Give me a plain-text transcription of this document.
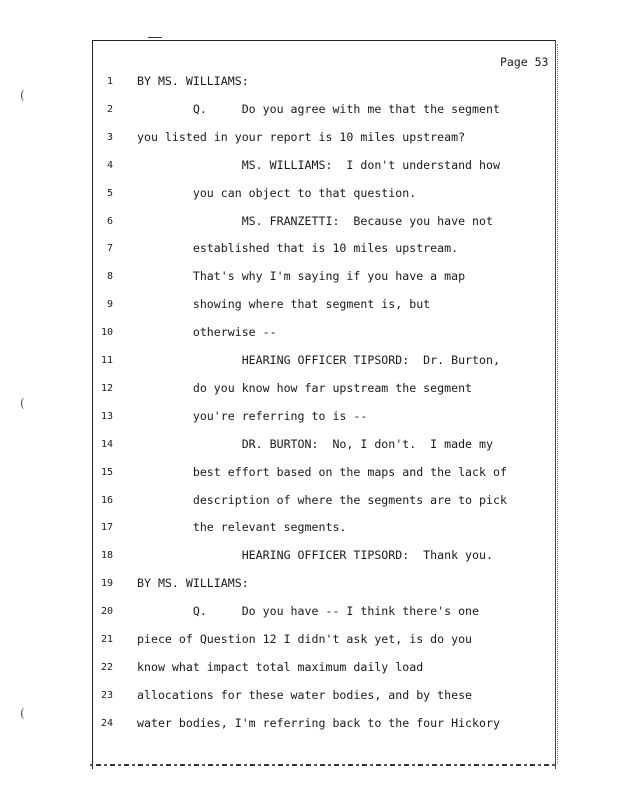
(
(
(
Page 53
1 BY MS. WILLIAMS:
2 Q.     Do you agree with me that the segment
3 you listed in your report is 10 miles upstream?
4 MS. WILLIAMS:  I don't understand how
5 you can object to that question.
6 MS. FRANZETTI:  Because you have not
7 established that is 10 miles upstream.
8 That's why I'm saying if you have a map
9 showing where that segment is, but
10 otherwise --
11 HEARING OFFICER TIPSORD:  Dr. Burton,
12 do you know how far upstream the segment
13 you're referring to is --
14 DR. BURTON:  No, I don't.  I made my
15 best effort based on the maps and the lack of
16 description of where the segments are to pick
17 the relevant segments.
18 HEARING OFFICER TIPSORD:  Thank you.
19 BY MS. WILLIAMS:
20 Q.     Do you have -- I think there's one
21 piece of Question 12 I didn't ask yet, is do you
22 know what impact total maximum daily load
23 allocations for these water bodies, and by these
24 water bodies, I'm referring back to the four Hickory
